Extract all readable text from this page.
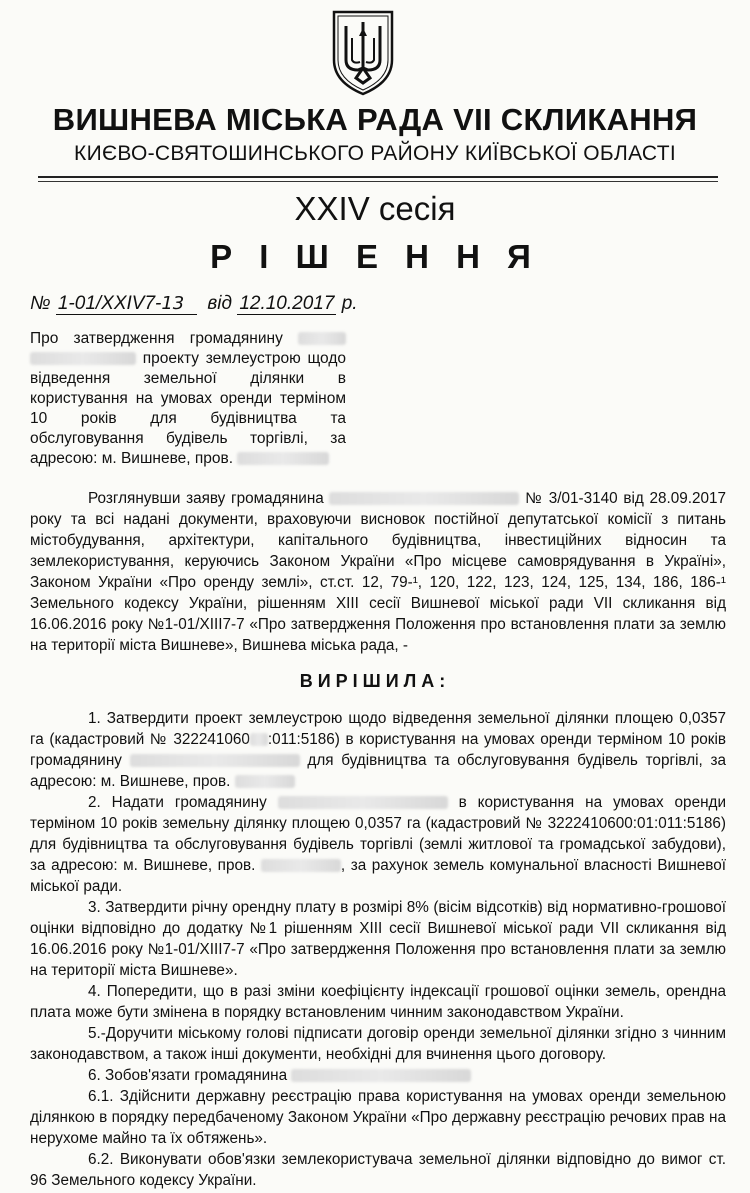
ВИШНЕВА МІСЬКА РАДА VII СКЛИКАННЯ
КИЄВО-СВЯТОШИНСЬКОГО РАЙОНУ КИЇВСЬКОЇ ОБЛАСТІ
XXIV сесія
Р І Ш Е Н Н Я
№ 1-01/XXIV7-13 від 12.10.2017 р.
Про затвердження громадянину   проекту землеустрою щодо відведення земельної ділянки в користування на умовах оренди терміном 10 років для будівництва та обслуговування будівель торгівлі, за адресою: м. Вишневе, пров.

Розглянувши заяву громадянина	№ 3/01-3140 від 28.09.2017 року та всі надані документи, враховуючи висновок постійної депутатської комісії з питань містобудування, архітектури, капітального будівництва, інвестиційних відносин та землекористування, керуючись Законом України «Про місцеве самоврядування в Україні», Законом України «Про оренду землі», ст.ст. 12, 79-¹, 120, 122, 123, 124, 125, 134, 186, 186-¹ Земельного кодексу України, рішенням XIII сесії Вишневої міської ради VII скликання від 16.06.2016 року №1-01/XIII7-7 «Про затвердження Положення про встановлення плати за землю на території міста Вишневе», Вишнева міська рада, -

ВИРІШИЛА:

1. Затвердити проект землеустрою щодо відведення земельної ділянки площею 0,0357 га (кадастровий № 322241060 :011:5186) в користування на умовах оренди терміном 10 років громадянину	для будівництва та обслуговування будівель торгівлі, за адресою: м. Вишневе, пров.

2. Надати громадянину	в користування на умовах оренди терміном 10 років земельну ділянку площею 0,0357 га (кадастровий № 3222410600:01:011:5186) для будівництва та обслуговування будівель торгівлі (землі житлової та громадської забудови), за адресою: м. Вишневе, пров.	, за рахунок земель комунальної власності Вишневої міської ради.

3. Затвердити річну орендну плату в розмірі 8% (вісім відсотків) від нормативно-грошової оцінки відповідно до додатку №1 рішенням XIII сесії Вишневої міської ради VII скликання від 16.06.2016 року №1-01/XIII7-7 «Про затвердження Положення про встановлення плати за землю на території міста Вишневе».

4. Попередити, що в разі зміни коефіцієнту індексації грошової оцінки земель, орендна плата може бути змінена в порядку встановленим чинним законодавством України.

5.-Доручити міському голові підписати договір оренди земельної ділянки згідно з чинним законодавством, а також інші документи, необхідні для вчинення цього договору.

6. Зобов'язати громадянина

6.1. Здійснити державну реєстрацію права користування на умовах оренди земельною ділянкою в порядку передбаченому Законом України «Про державну реєстрацію речових прав на нерухоме майно та їх обтяжень».

6.2. Виконувати обов'язки землекористувача земельної ділянки відповідно до вимог ст. 96 Земельного кодексу України.
